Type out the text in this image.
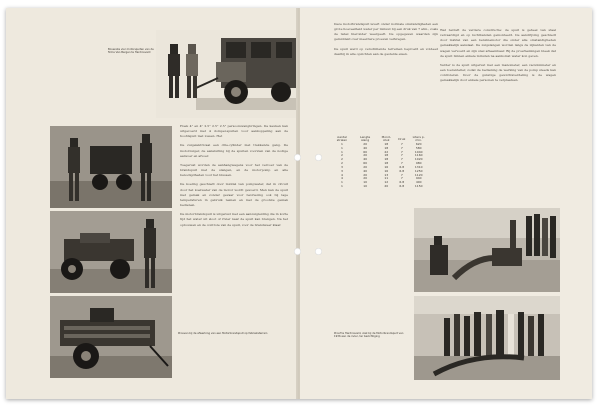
Bovenste vier motorspuiten van de firma Van Bergen te Hardinxveld
Proeven bij de afwerking van een Motorbrandspuit op fabrieksterrein

Hoek 4" en 4" 2.5" 2.5" 2.5" persoonsvangbringen. De keuken kan uitgevoerd met 4 dompel-spuiten voor aankoppeling aan de hoofdspuit met lossen. Het

De zuigelektricaal een drie-cylinder met trekkende gang. De motorzuiger, de aansluiting bij de spuiten voorzien van de nodige aanvoer en afvoer.

Toegerust worden de aanhangwagens voor het vervoer van de brandspuit met de slangen, en de motorpomp en alle benodigdheden voor het blussen.

De koeling geschiedt door middel van pompwater, dat in circuit door het koelwater van de motor wordt gevoerd. Men kan de spuit met gemak en zonder gevaar voor bevriezing ook bij lage temperaturen in gebruik nemen en met de grootste gemak bedienen.

De motorbrandspuit is uitgerust met een aanzuigleiding die in korte tijd het water uit sloot of rivier naar de spuit kan brengen. Na het opbouwen en de controle van de spuit, voor de brandweer klaar.

Deze motorbrandspuit levert onder normale omstandigheden een grote hoeveelheid water per minuut bij een druk van 7 atm., zoals de tabel hieronder weergeeft. De opgegeven waarden zijn gemiddeld over meerdere proeven verkregen.

De spuit werd op verschillende terreinen beproefd en voldeed daarbij in alle opzichten aan de gestelde eisen.

Aantal stralen	Lengte slang	Mond- stuk	Druk	Liters p. min.
1	20	18	7	620
1	40	18	7	580
1	60	22	7	1040
2	20	18	7	1160
2	40	18	7	1020
2	60	18	7	980
3	20	16	6.8	1310
3	40	16	6.8	1250
4	20	13	7	1120
4	20	11	7	940
1	10	12	6.8	400
1	10	20	6.8	1150

Wat betreft de verdere constructie: de spuit is geheel van staal vervaardigd en op luchtbanden gemonteerd. De aandrijving geschiedt door middel van een benzinemotor die onder alle omstandigheden gemakkelijk aanslaat. De zuigslangen worden langs de zijkanten van de wagen vervoerd en zijn snel afneembaar. Bij de proefnemingen bleek dat de spuit binnen enkele minuten na aankomst water kon geven.

Verder is de spuit uitgerust met een manometer, een vacuümmeter en een toerenteller, zodat de bediening de werking van de pomp steeds kan controleren. Door de gunstige gewichtsverdeling is de wagen gemakkelijk door enkele personen te verplaatsen.

Proef te Hardinxveld, vlak bij de Motorbrandspuit van 1936 aan de rivier, ter bezichtiging
